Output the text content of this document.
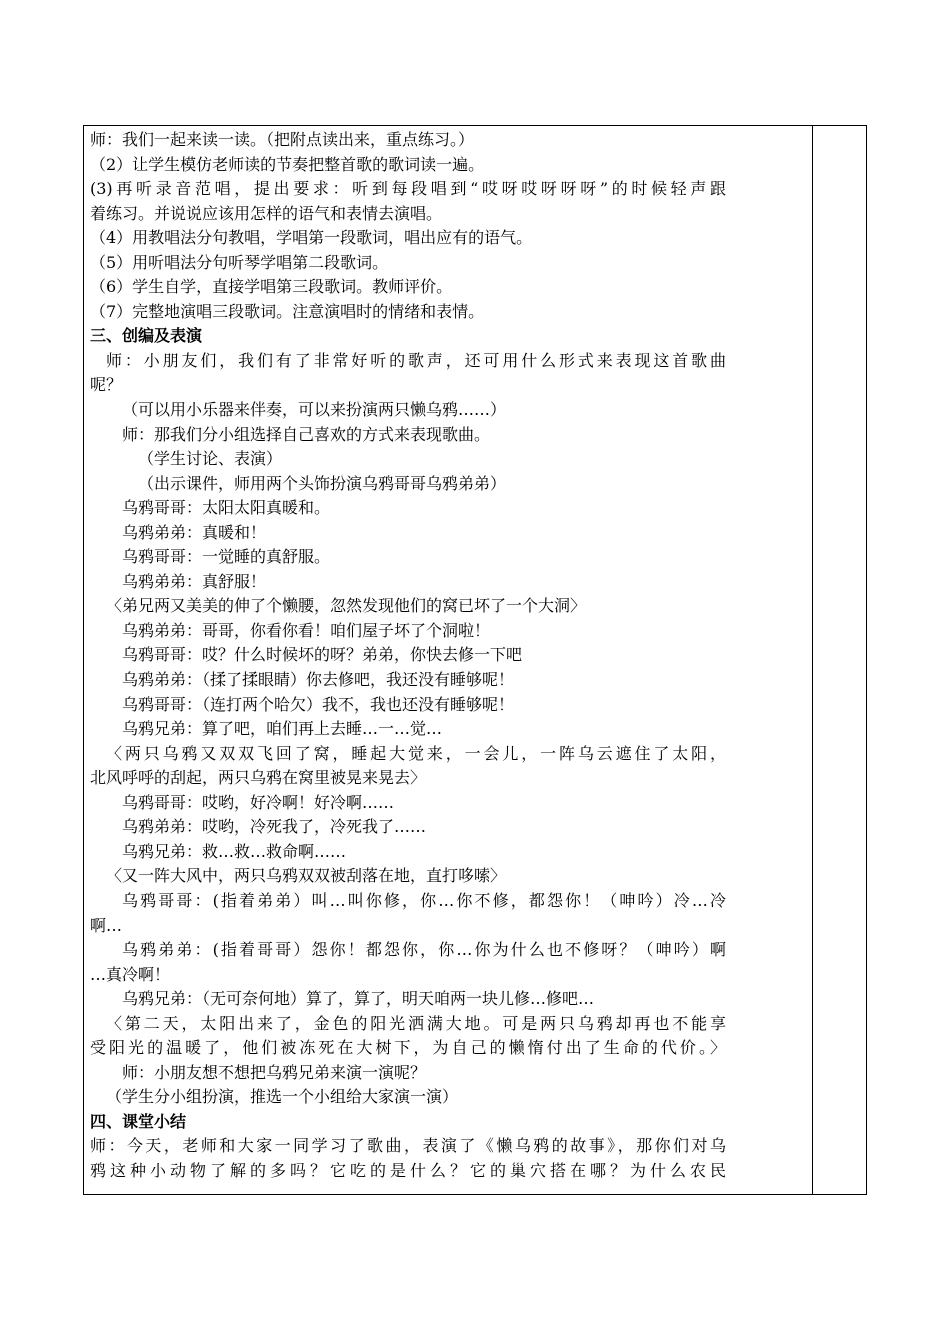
师：我们一起来读一读。（把附点读出来，重点练习。）
（2）让学生模仿老师读的节奏把整首歌的歌词读一遍。
(3)再听录音范唱，提出要求：听到每段唱到“哎呀哎呀呀呀”的时候轻声跟
着练习。并说说应该用怎样的语气和表情去演唱。
（4）用教唱法分句教唱，学唱第一段歌词，唱出应有的语气。
（5）用听唱法分句听琴学唱第二段歌词。
（6）学生自学，直接学唱第三段歌词。教师评价。
（7）完整地演唱三段歌词。注意演唱时的情绪和表情。
三、创编及表演
师：小朋友们，我们有了非常好听的歌声，还可用什么形式来表现这首歌曲
呢？
（可以用小乐器来伴奏，可以来扮演两只懒乌鸦……）
师：那我们分小组选择自己喜欢的方式来表现歌曲。
（学生讨论、表演）
（出示课件，师用两个头饰扮演乌鸦哥哥乌鸦弟弟）
乌鸦哥哥：太阳太阳真暖和。
乌鸦弟弟：真暖和！
乌鸦哥哥：一觉睡的真舒服。
乌鸦弟弟：真舒服！
〈弟兄两又美美的伸了个懒腰，忽然发现他们的窝已坏了一个大洞〉
乌鸦弟弟：哥哥，你看你看！咱们屋子坏了个洞啦！
乌鸦哥哥：哎？什么时候坏的呀？弟弟，你快去修一下吧
乌鸦弟弟：（揉了揉眼睛）你去修吧，我还没有睡够呢！
乌鸦哥哥：（连打两个哈欠）我不，我也还没有睡够呢！
乌鸦兄弟：算了吧，咱们再上去睡…一…觉…
〈两只乌鸦又双双飞回了窝，睡起大觉来，一会儿，一阵乌云遮住了太阳，
北风呼呼的刮起，两只乌鸦在窝里被晃来晃去〉
乌鸦哥哥：哎哟，好冷啊！好冷啊……
乌鸦弟弟：哎哟，冷死我了，冷死我了……
乌鸦兄弟：救…救…救命啊……
〈又一阵大风中，两只乌鸦双双被刮落在地，直打哆嗦〉
乌鸦哥哥：(指着弟弟）叫…叫你修，你…你不修，都怨你！（呻吟）冷…冷
啊…
乌鸦弟弟：(指着哥哥）怨你！都怨你，你…你为什么也不修呀？（呻吟）啊
…真冷啊！
乌鸦兄弟：（无可奈何地）算了，算了，明天咱两一块儿修…修吧…
〈第二天，太阳出来了，金色的阳光洒满大地。可是两只乌鸦却再也不能享
受阳光的温暖了，他们被冻死在大树下，为自己的懒惰付出了生命的代价。〉
师：小朋友想不想把乌鸦兄弟来演一演呢？
（学生分小组扮演，推选一个小组给大家演一演）
四、课堂小结
师：今天，老师和大家一同学习了歌曲，表演了《懒乌鸦的故事》，那你们对乌
鸦这种小动物了解的多吗？它吃的是什么？它的巢穴搭在哪？为什么农民
